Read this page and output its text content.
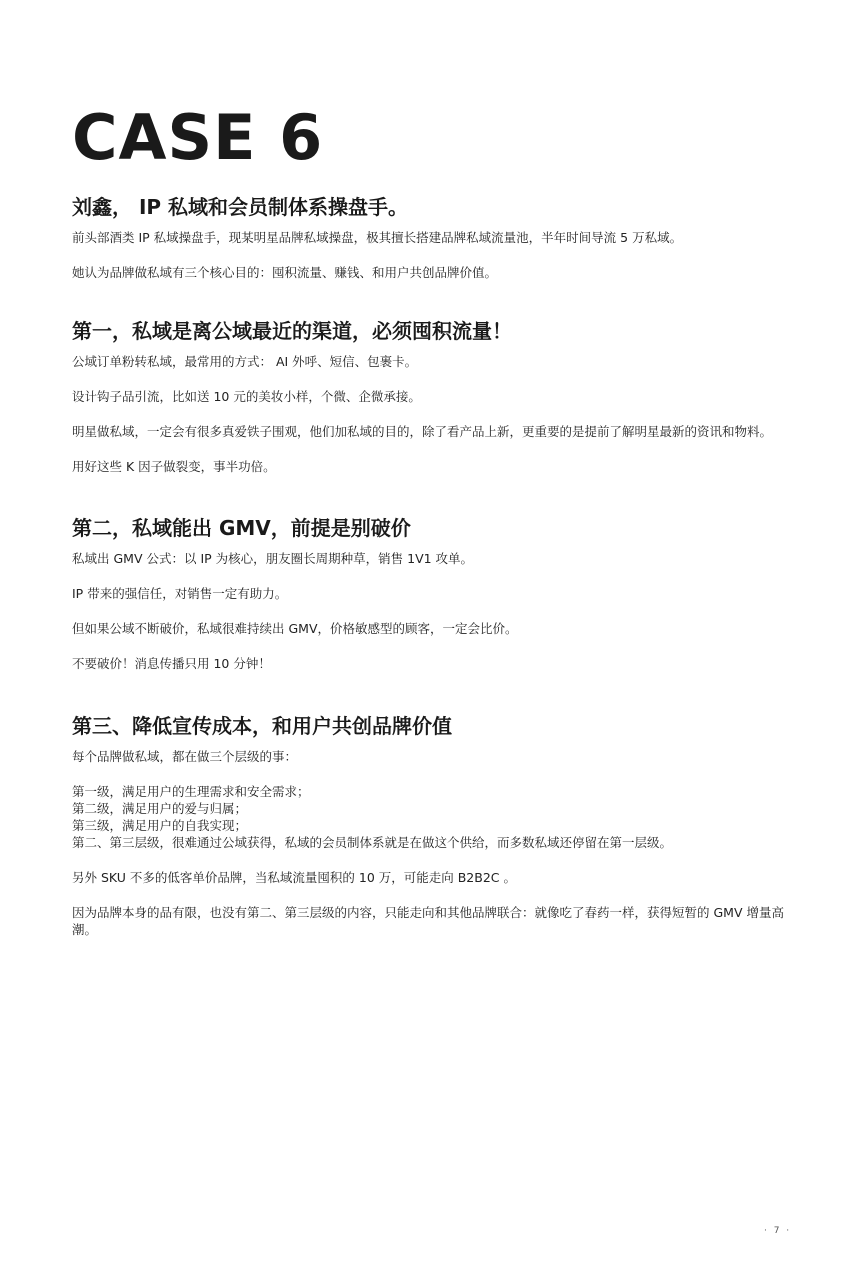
CASE 6
刘鑫， IP 私域和会员制体系操盘手。

前头部酒类 IP 私域操盘手，现某明星品牌私域操盘，极其擅长搭建品牌私域流量池，半年时间导流 5 万私域。

她认为品牌做私域有三个核心目的：囤积流量、赚钱、和用户共创品牌价值。

第一，私域是离公域最近的渠道，必须囤积流量！

公域订单粉转私域，最常用的方式： AI 外呼、短信、包裹卡。

设计钩子品引流，比如送 10 元的美妆小样，个微、企微承接。

明星做私域，一定会有很多真爱铁子围观，他们加私域的目的，除了看产品上新，更重要的是提前了解明星最新的资讯和物料。

用好这些 K 因子做裂变，事半功倍。

第二，私域能出 GMV，前提是别破价

私域出 GMV 公式：以 IP 为核心，朋友圈长周期种草，销售 1V1 攻单。

IP 带来的强信任，对销售一定有助力。

但如果公域不断破价，私域很难持续出 GMV，价格敏感型的顾客，一定会比价。

不要破价！消息传播只用 10 分钟！

第三、降低宣传成本，和用户共创品牌价值

每个品牌做私域，都在做三个层级的事：

第一级，满足用户的生理需求和安全需求；

第二级，满足用户的爱与归属；

第三级，满足用户的自我实现；

第二、第三层级，很难通过公域获得，私域的会员制体系就是在做这个供给，而多数私域还停留在第一层级。

另外 SKU 不多的低客单价品牌，当私域流量囤积的 10 万，可能走向 B2B2C 。

因为品牌本身的品有限，也没有第二、第三层级的内容，只能走向和其他品牌联合：就像吃了春药一样，获得短暂的 GMV 增量高潮。

· 7 ·
